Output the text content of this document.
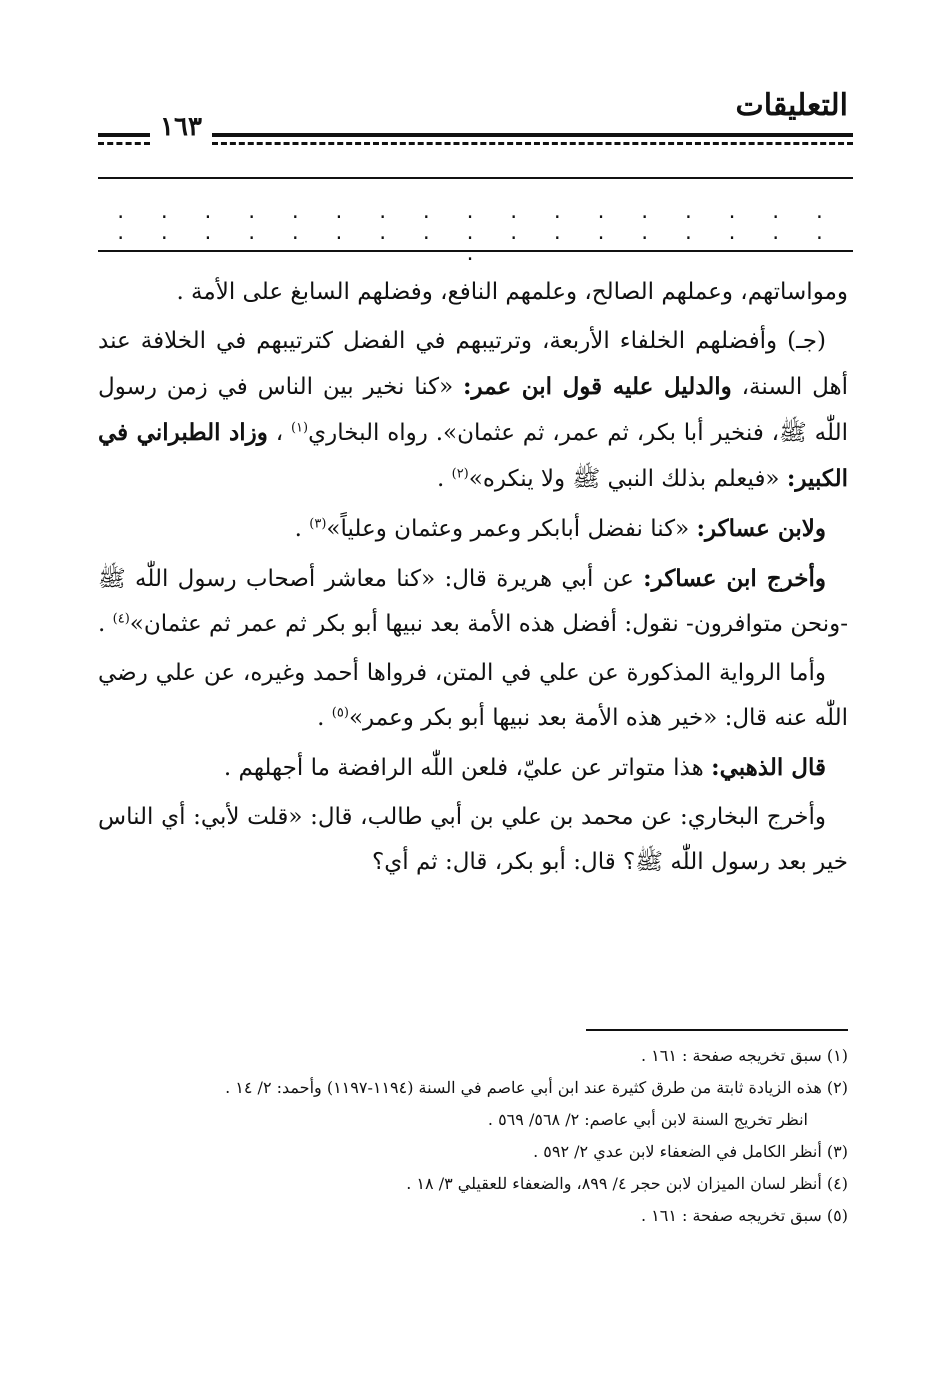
التعليقات
١٦٣
. . . . . . . . . . . . . . . . . . . . . . . . . . . . . . . . . . .

ومواساتهم، وعملهم الصالح، وعلمهم النافع، وفضلهم السابغ على الأمة .

(جـ) وأفضلهم الخلفاء الأربعة، وترتيبهم في الفضل كترتيبهم في الخلافة عند أهل السنة، والدليل عليه قول ابن عمر: «كنا نخير بين الناس في زمن رسول اللّٰه ﷺ، فنخير أبا بكر، ثم عمر، ثم عثمان». رواه البخاري$^{(١)}$ ، وزاد الطبراني في الكبير: «فيعلم بذلك النبي ﷺ ولا ينكره»$^{(٢)}$ .

ولابن عساكر: «كنا نفضل أبابكر وعمر وعثمان وعلياً»$^{(٣)}$ .

وأخرج ابن عساكر: عن أبي هريرة قال: «كنا معاشر أصحاب رسول اللّٰه ﷺ -ونحن متوافرون- نقول: أفضل هذه الأمة بعد نبيها أبو بكر ثم عمر ثم عثمان»$^{(٤)}$ .

وأما الرواية المذكورة عن علي في المتن، فرواها أحمد وغيره، عن علي رضي اللّٰه عنه قال: «خير هذه الأمة بعد نبيها أبو بكر وعمر»$^{(٥)}$ .

قال الذهبي: هذا متواتر عن عليّ، فلعن اللّٰه الرافضة ما أجهلهم .

وأخرج البخاري: عن محمد بن علي بن أبي طالب، قال: «قلت لأبي: أي الناس خير بعد رسول اللّٰه ﷺ؟ قال: أبو بكر، قال: ثم أي؟

(١) سبق تخريجه صفحة : ١٦١ .
(٢) هذه الزيادة ثابتة من طرق كثيرة عند ابن أبي عاصم في السنة (١١٩٤-١١٩٧) وأحمد: ٢/ ١٤ .
انظر تخريج السنة لابن أبي عاصم: ٢/ ٥٦٨/ ٥٦٩ .
(٣) أنظر الكامل في الضعفاء لابن عدي ٢/ ٥٩٢ .
(٤) أنظر لسان الميزان لابن حجر ٤/ ٨٩٩، والضعفاء للعقيلي ٣/ ١٨ .
(٥) سبق تخريجه صفحة : ١٦١ .
